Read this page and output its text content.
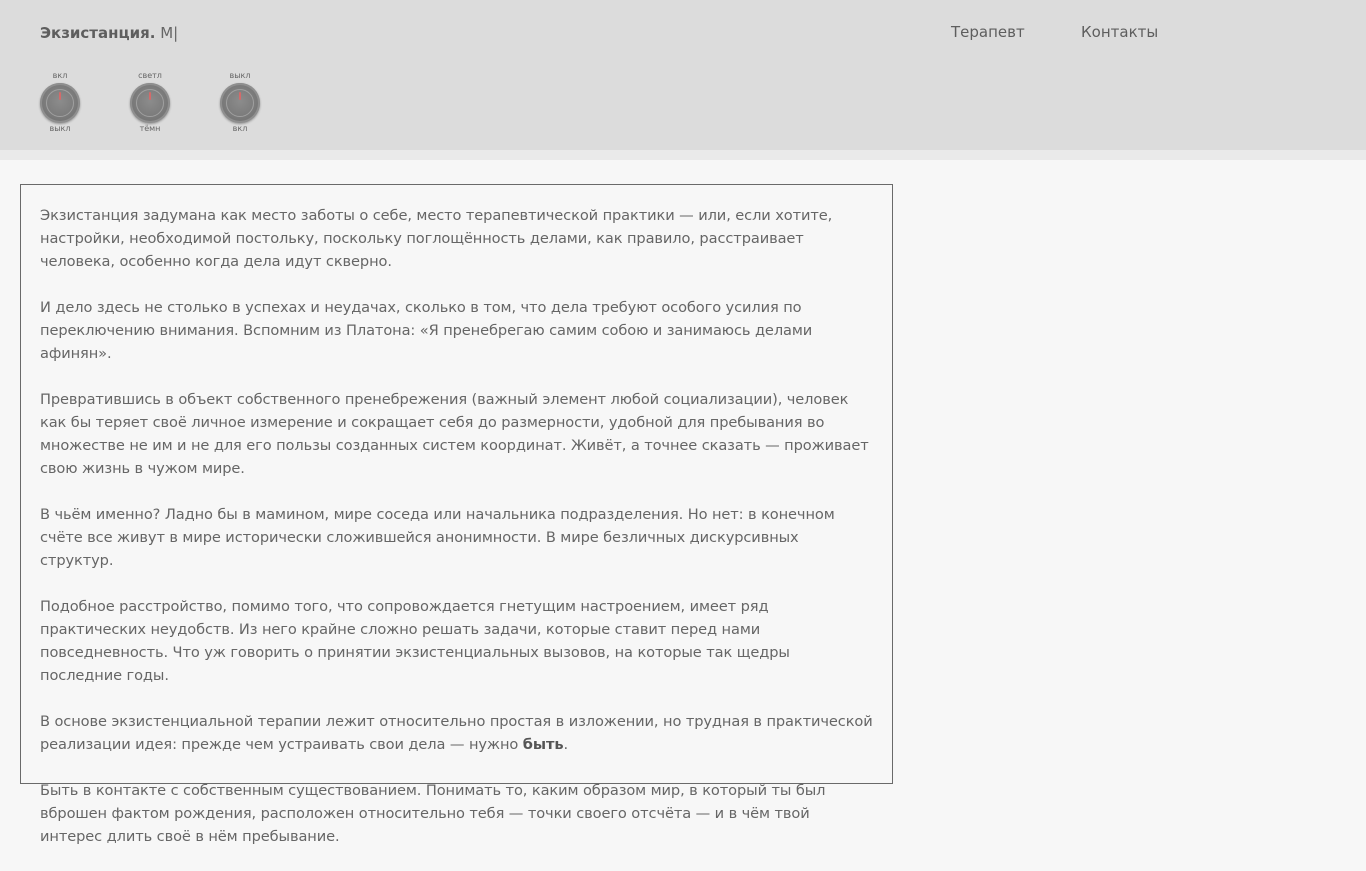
Экзистанция. М|	Терапевт	Контакты
вкл
выкл
светл
тёмн
выкл
вкл

Экзистанция задумана как место заботы о себе, место терапевтической практики — или, если хотите, настройки, необходимой постольку, поскольку поглощённость делами, как правило, расстраивает человека, особенно когда дела идут скверно.

И дело здесь не столько в успехах и неудачах, сколько в том, что дела требуют особого усилия по переключению внимания. Вспомним из Платона: «Я пренебрегаю самим собою и занимаюсь делами афинян».

Превратившись в объект собственного пренебрежения (важный элемент любой социализации), человек как бы теряет своё личное измерение и сокращает себя до размерности, удобной для пребывания во множестве не им и не для его пользы созданных систем координат. Живёт, а точнее сказать — проживает свою жизнь в чужом мире.

В чьём именно? Ладно бы в мамином, мире соседа или начальника подразделения. Но нет: в конечном счёте все живут в мире исторически сложившейся анонимности. В мире безличных дискурсивных структур.

Подобное расстройство, помимо того, что сопровождается гнетущим настроением, имеет ряд практических неудобств. Из него крайне сложно решать задачи, которые ставит перед нами повседневность. Что уж говорить о принятии экзистенциальных вызовов, на которые так щедры последние годы.

В основе экзистенциальной терапии лежит относительно простая в изложении, но трудная в практической реализации идея: прежде чем устраивать свои дела — нужно быть.

Быть в контакте с собственным существованием. Понимать то, каким образом мир, в который ты был вброшен фактом рождения, расположен относительно тебя — точки своего отсчёта — и в чём твой интерес длить своё в нём пребывание.
